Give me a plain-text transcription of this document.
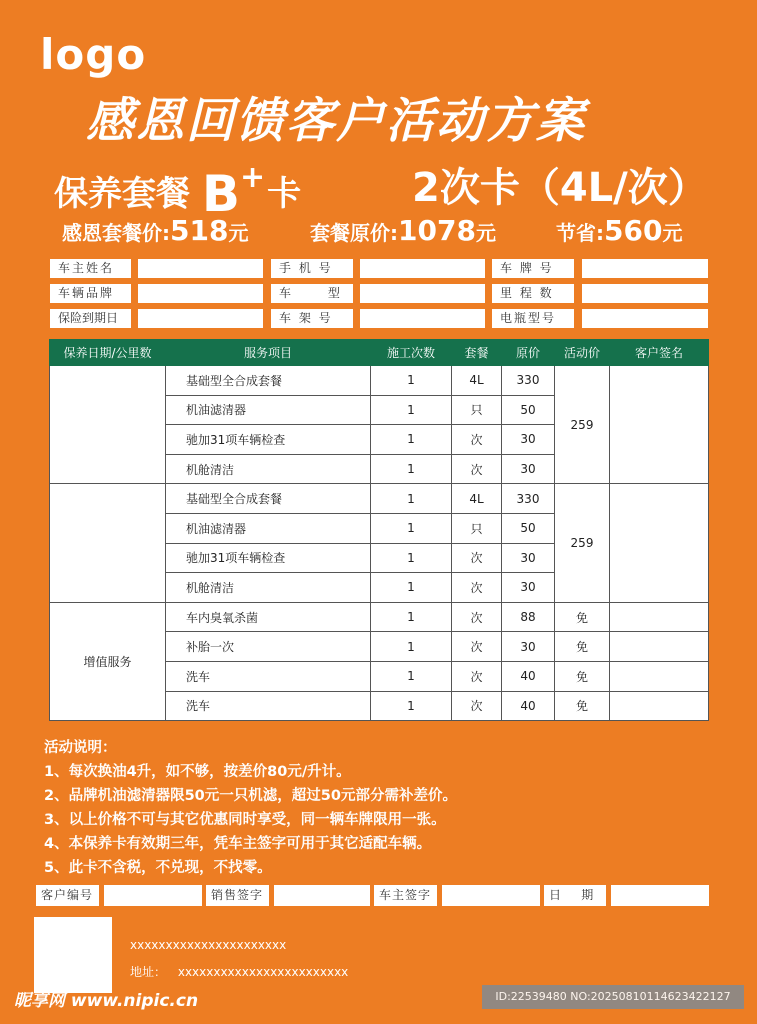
logo
感恩回馈客户活动方案
保养套餐 B+卡	2次卡（4L/次）
感恩套餐价:518元	套餐原价:1078元	节省:560元
车主姓名	手 机 号	车 牌 号
车辆品牌	车      型	里 程 数
保险到期日	车 架 号	电瓶型号
保养日期/公里数	服务项目	施工次数	套餐	原价	活动价	客户签名
	基础型全合成套餐	1	4L	330	259	
	机油滤清器	1	只	50		
	驰加31项车辆检查	1	次	30		
	机舱清洁	1	次	30		
	基础型全合成套餐	1	4L	330	259	
	机油滤清器	1	只	50		
	驰加31项车辆检查	1	次	30		
	机舱清洁	1	次	30		
增值服务	车内臭氧杀菌	1	次	88	免	
	补胎一次	1	次	30	免	
	洗车	1	次	40	免	
	洗车	1	次	40	免	
活动说明：
1、每次换油4升，如不够，按差价80元/升计。
2、品牌机油滤清器限50元一只机滤，超过50元部分需补差价。
3、以上价格不可与其它优惠同时享受，同一辆车牌限用一张。
4、本保养卡有效期三年，凭车主签字可用于其它适配车辆。
5、此卡不含税，不兑现，不找零。
客户编号	销售签字	车主签字	日    期
xxxxxxxxxxxxxxxxxxxxxx
地址： xxxxxxxxxxxxxxxxxxxxxxxx
昵享网 www.nipic.cn	ID:22539480 NO:20250810114623422127
